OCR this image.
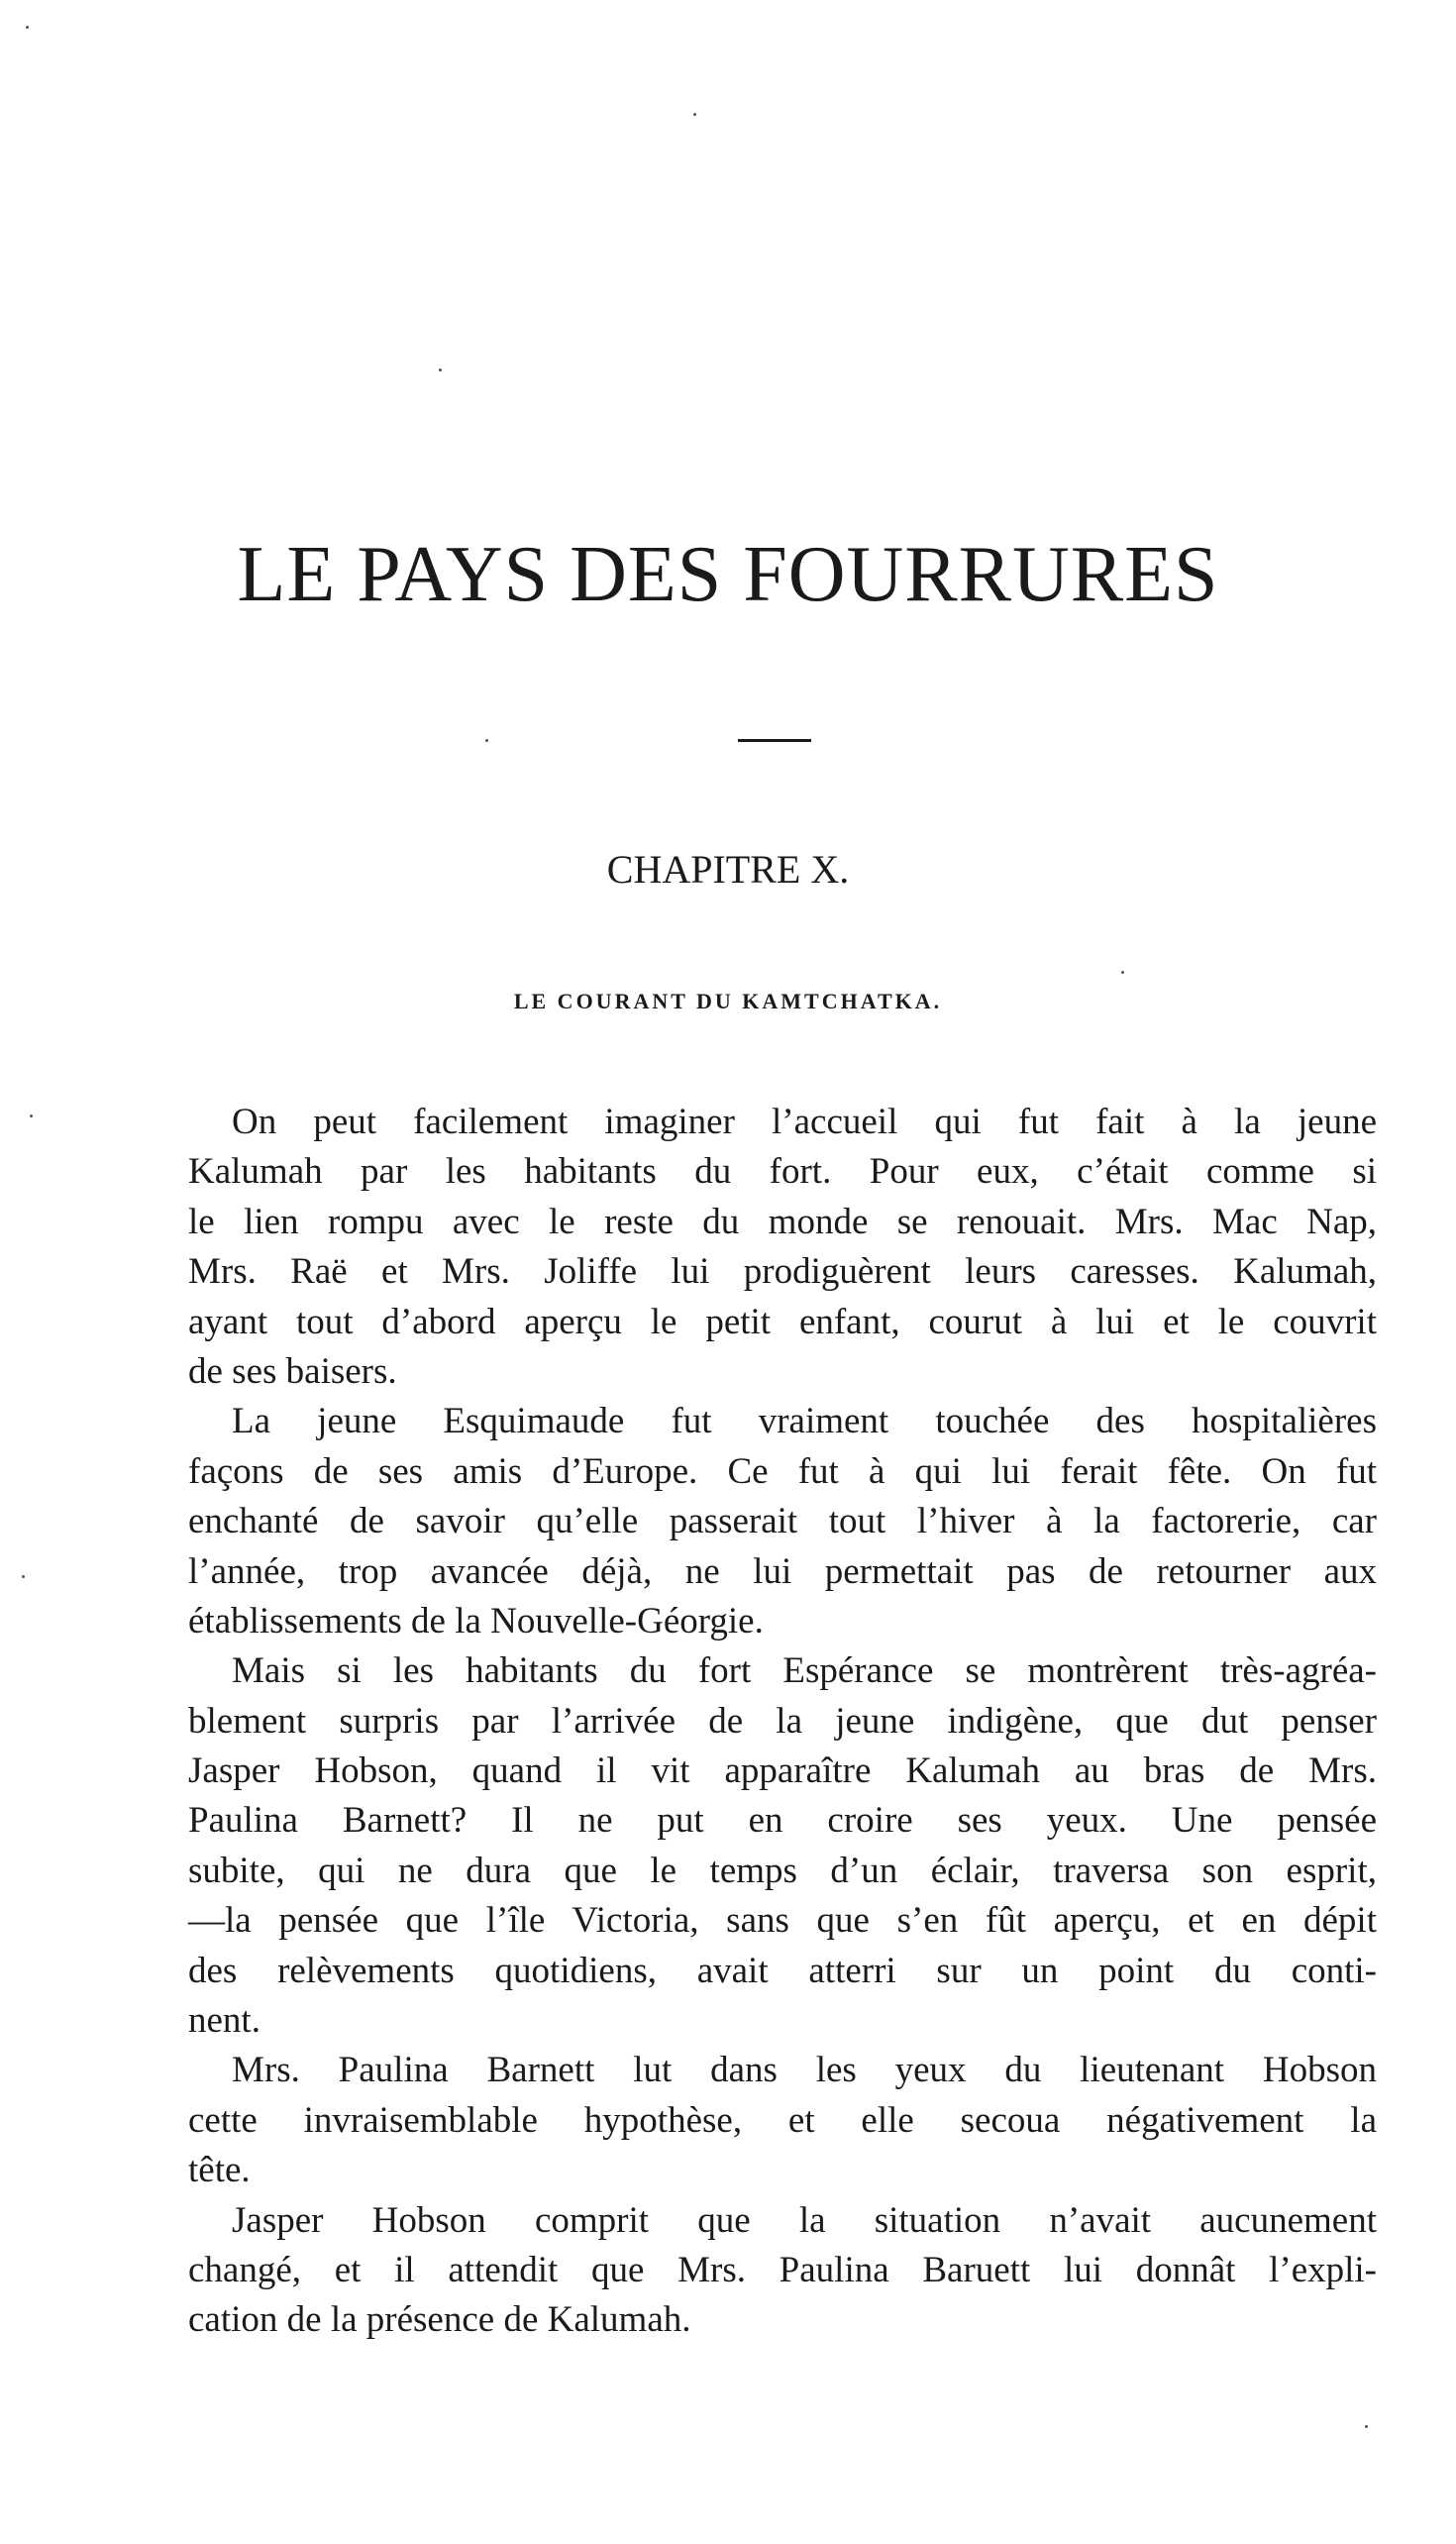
LE PAYS DES FOURRURES
CHAPITRE X.
LE COURANT DU KAMTCHATKA.
On peut facilement imaginer l’accueil qui fut fait à la jeune
Kalumah par les habitants du fort. Pour eux, c’était comme si
le lien rompu avec le reste du monde se renouait. Mrs. Mac Nap,
Mrs. Raë et Mrs. Joliffe lui prodiguèrent leurs caresses. Kalumah,
ayant tout d’abord aperçu le petit enfant, courut à lui et le couvrit
de ses baisers.
La jeune Esquimaude fut vraiment touchée des hospitalières
façons de ses amis d’Europe. Ce fut à qui lui ferait fête. On fut
enchanté de savoir qu’elle passerait tout l’hiver à la factorerie, car
l’année, trop avancée déjà, ne lui permettait pas de retourner aux
établissements de la Nouvelle-Géorgie.
Mais si les habitants du fort Espérance se montrèrent très-agréa-
blement surpris par l’arrivée de la jeune indigène, que dut penser
Jasper Hobson, quand il vit apparaître Kalumah au bras de Mrs.
Paulina Barnett? Il ne put en croire ses yeux. Une pensée
subite, qui ne dura que le temps d’un éclair, traversa son esprit,
—la pensée que l’île Victoria, sans que s’en fût aperçu, et en dépit
des relèvements quotidiens, avait atterri sur un point du conti-
nent.
Mrs. Paulina Barnett lut dans les yeux du lieutenant Hobson
cette invraisemblable hypothèse, et elle secoua négativement la
tête.
Jasper Hobson comprit que la situation n’avait aucunement
changé, et il attendit que Mrs. Paulina Baruett lui donnât l’expli-
cation de la présence de Kalumah.
